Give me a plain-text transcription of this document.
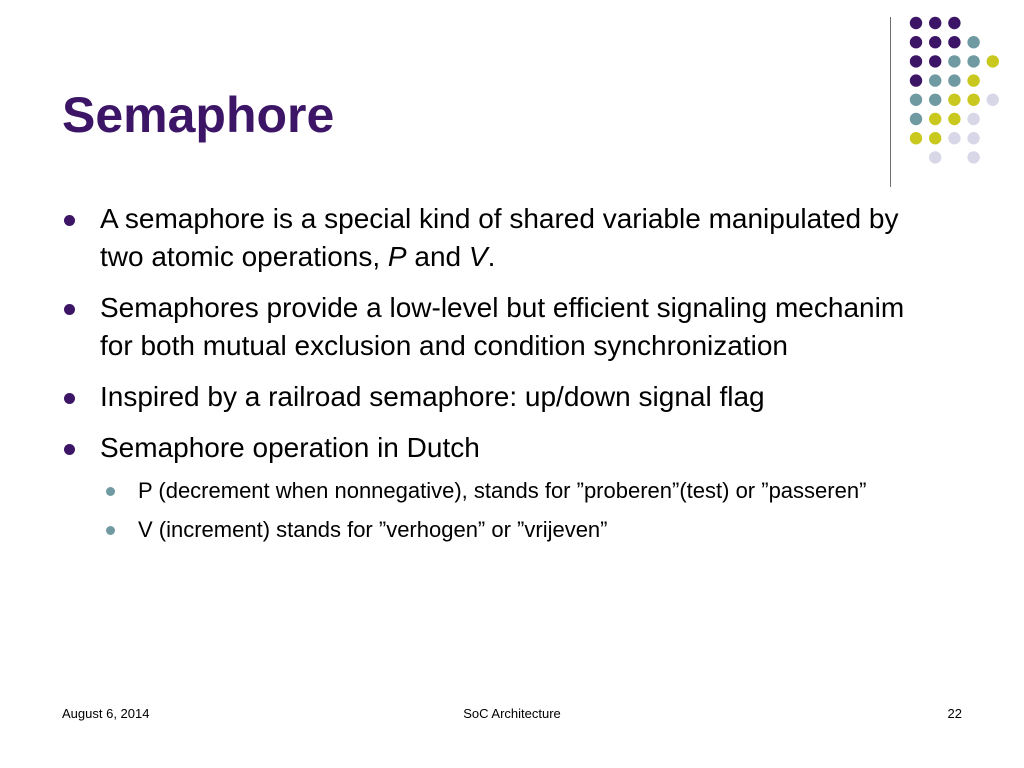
Semaphore
A semaphore is a special kind of shared variable manipulated by two atomic operations, P and V.
Semaphores provide a low-level but efficient signaling mechanim for both mutual exclusion and condition synchronization
Inspired by a railroad semaphore: up/down signal flag
Semaphore operation in Dutch
P (decrement when nonnegative), stands for ”proberen”(test) or ”passeren”
V (increment) stands for ”verhogen” or ”vrijeven”
August 6, 2014	SoC Architecture	22
